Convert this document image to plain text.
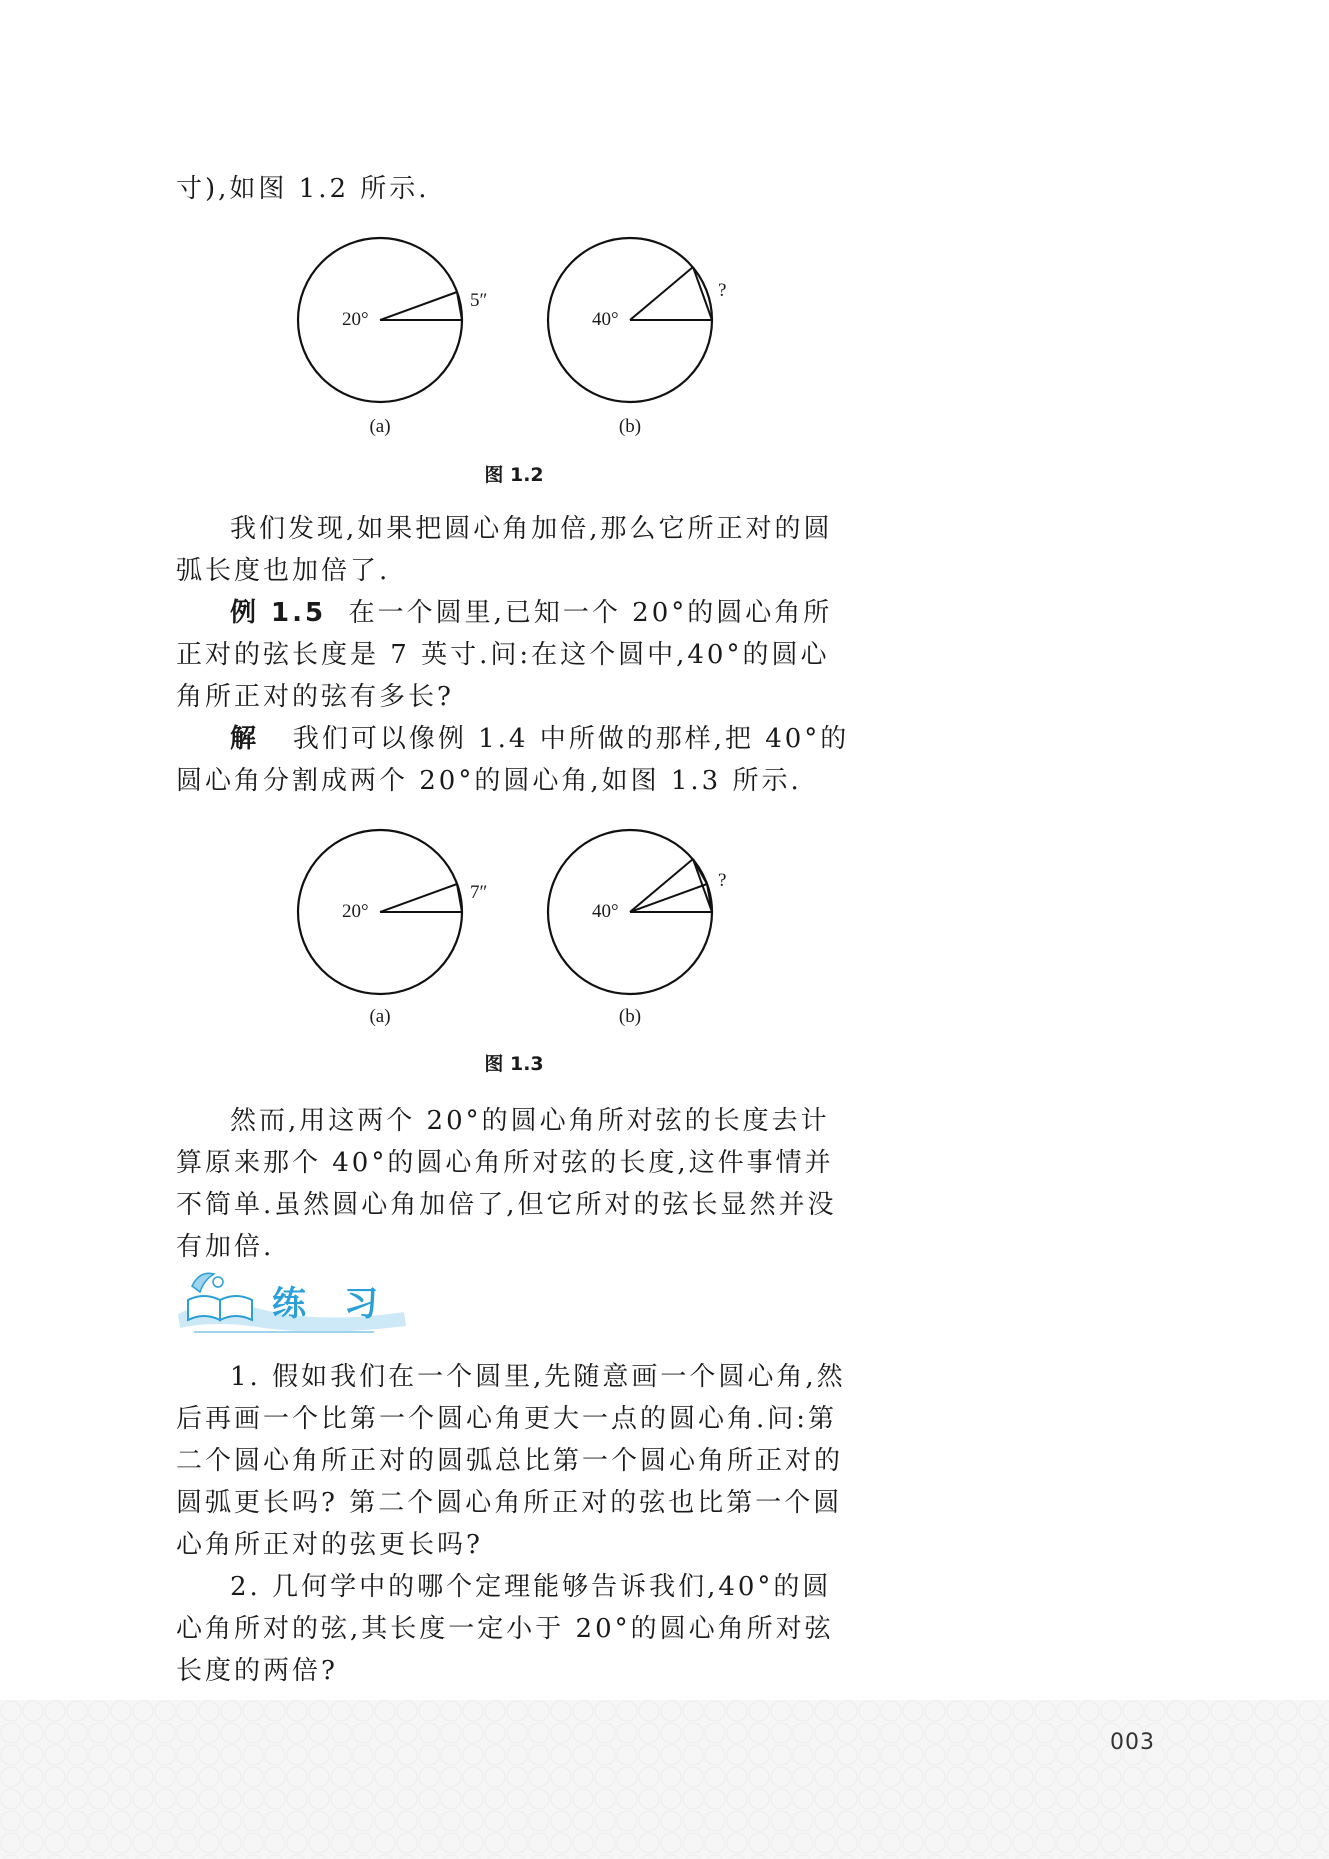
寸),如图 1.2 所示.

20°
5″
40°
?
(a)	(b)
图 1.2

我们发现,如果把圆心角加倍,那么它所正对的圆弧长度也加倍了.

例 1.5 在一个圆里,已知一个 20°的圆心角所正对的弦长度是 7 英寸.问:在这个圆中,40°的圆心角所正对的弦有多长?

解 我们可以像例 1.4 中所做的那样,把 40°的圆心角分割成两个 20°的圆心角,如图 1.3 所示.

20°
7″
40°
?
(a)	(b)
图 1.3

然而,用这两个 20°的圆心角所对弦的长度去计算原来那个 40°的圆心角所对弦的长度,这件事情并不简单.虽然圆心角加倍了,但它所对的弦长显然并没有加倍.

练习

1. 假如我们在一个圆里,先随意画一个圆心角,然后再画一个比第一个圆心角更大一点的圆心角.问:第二个圆心角所正对的圆弧总比第一个圆心角所正对的圆弧更长吗? 第二个圆心角所正对的弦也比第一个圆心角所正对的弦更长吗?

2. 几何学中的哪个定理能够告诉我们,40°的圆心角所对的弦,其长度一定小于 20°的圆心角所对弦长度的两倍?

003
